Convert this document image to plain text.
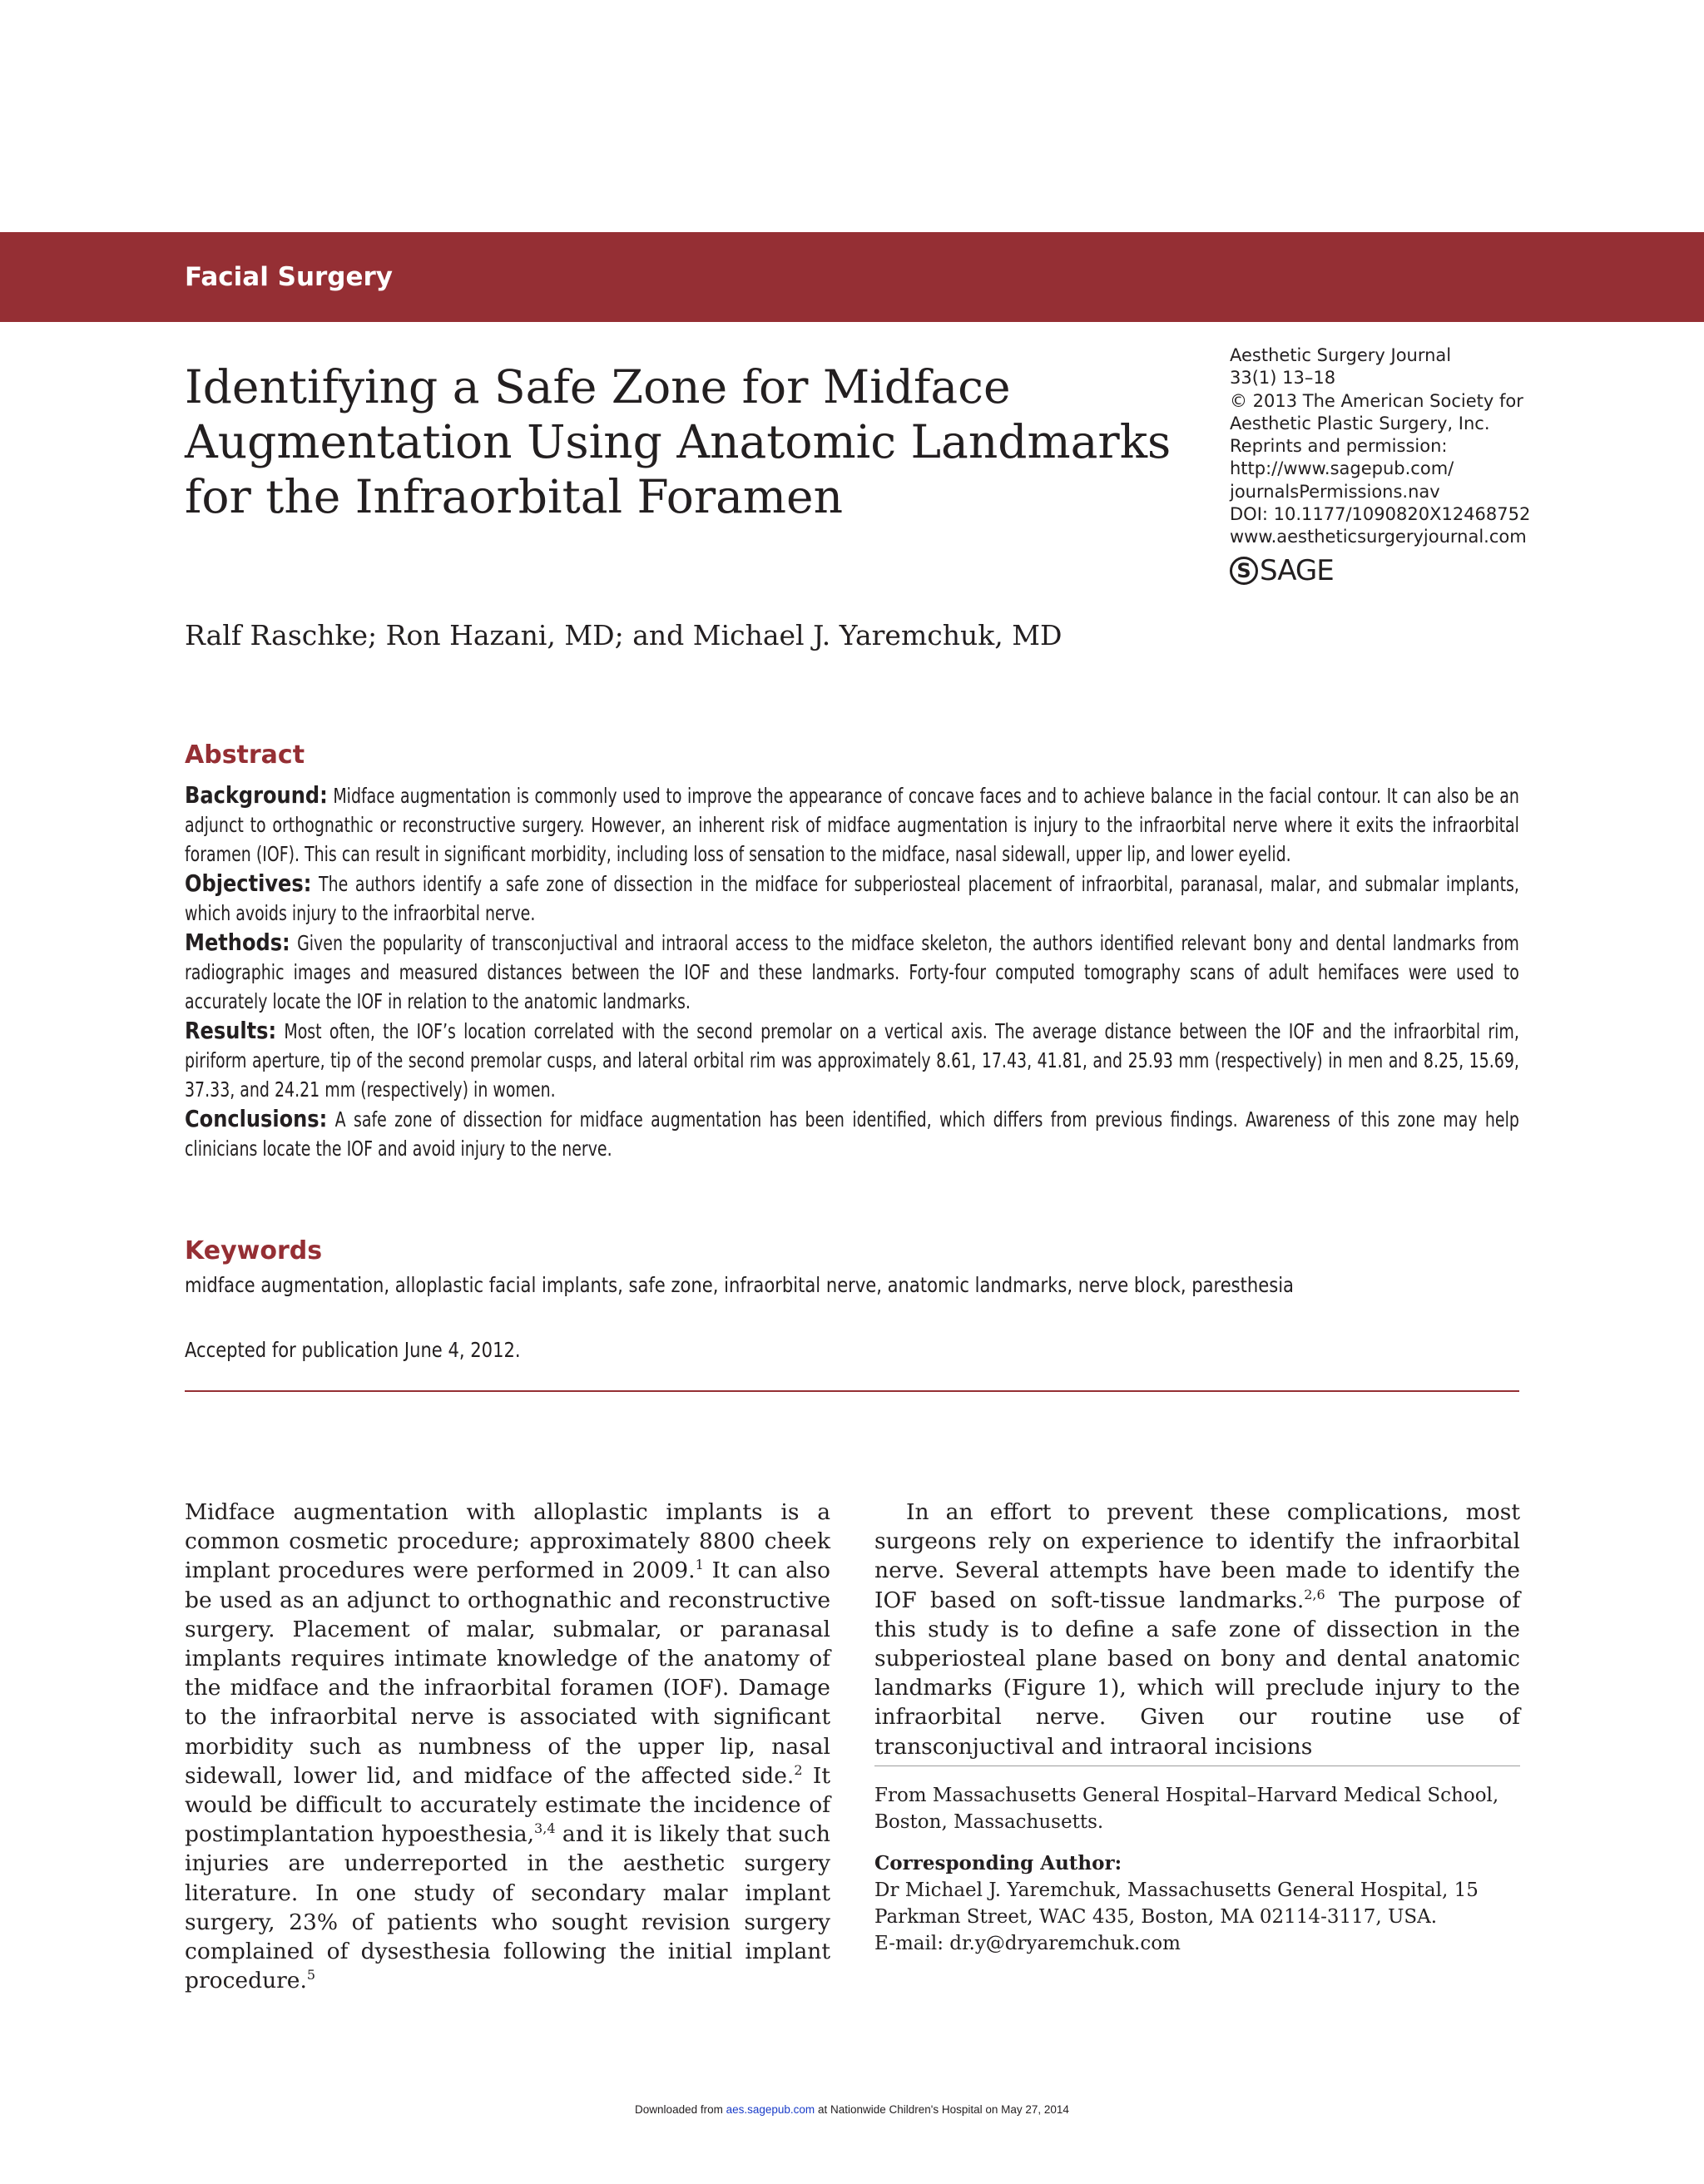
Facial Surgery
Identifying a Safe Zone for Midface Augmentation Using Anatomic Landmarks for the Infraorbital Foramen
Aesthetic Surgery Journal
33(1) 13–18
© 2013 The American Society for
Aesthetic Plastic Surgery, Inc.
Reprints and permission:
http://www.sagepub.com/
journalsPermissions.nav
DOI: 10.1177/1090820X12468752
www.aestheticsurgeryjournal.com
S SAGE
Ralf Raschke; Ron Hazani, MD; and Michael J. Yaremchuk, MD
Abstract

Background: Midface augmentation is commonly used to improve the appearance of concave faces and to achieve balance in the facial contour. It can also be an adjunct to orthognathic or reconstructive surgery. However, an inherent risk of midface augmentation is injury to the infraorbital nerve where it exits the infraorbital foramen (IOF). This can result in significant morbidity, including loss of sensation to the midface, nasal sidewall, upper lip, and lower eyelid.

Objectives: The authors identify a safe zone of dissection in the midface for subperiosteal placement of infraorbital, paranasal, malar, and submalar implants, which avoids injury to the infraorbital nerve.

Methods: Given the popularity of transconjuctival and intraoral access to the midface skeleton, the authors identified relevant bony and dental landmarks from radiographic images and measured distances between the IOF and these landmarks. Forty-four computed tomography scans of adult hemifaces were used to accurately locate the IOF in relation to the anatomic landmarks.

Results: Most often, the IOF’s location correlated with the second premolar on a vertical axis. The average distance between the IOF and the infraorbital rim, piriform aperture, tip of the second premolar cusps, and lateral orbital rim was approximately 8.61, 17.43, 41.81, and 25.93 mm (respectively) in men and 8.25, 15.69, 37.33, and 24.21 mm (respectively) in women.

Conclusions: A safe zone of dissection for midface augmentation has been identified, which differs from previous findings. Awareness of this zone may help clinicians locate the IOF and avoid injury to the nerve.

Keywords
midface augmentation, alloplastic facial implants, safe zone, infraorbital nerve, anatomic landmarks, nerve block, paresthesia
Accepted for publication June 4, 2012.

Midface augmentation with alloplastic implants is a common cosmetic procedure; approximately 8800 cheek implant procedures were performed in 2009.$^1$ It can also be used as an adjunct to orthognathic and reconstructive surgery. Placement of malar, submalar, or paranasal implants requires intimate knowledge of the anatomy of the midface and the infraorbital foramen (IOF). Damage to the infraorbital nerve is associated with significant morbidity such as numbness of the upper lip, nasal sidewall, lower lid, and midface of the affected side.$^2$ It would be difficult to accurately estimate the incidence of postimplantation hypoesthesia,$^{3,4}$ and it is likely that such injuries are underreported in the aesthetic surgery literature. In one study of secondary malar implant surgery, 23% of patients who sought revision surgery complained of dysesthesia following the initial implant procedure.$^5$

In an effort to prevent these complications, most surgeons rely on experience to identify the infraorbital nerve. Several attempts have been made to identify the IOF based on soft-tissue landmarks.$^{2,6}$ The purpose of this study is to define a safe zone of dissection in the subperiosteal plane based on bony and dental anatomic landmarks (Figure 1), which will preclude injury to the infraorbital nerve. Given our routine use of transconjuctival and intraoral incisions

From Massachusetts General Hospital–Harvard Medical School, Boston, Massachusetts.

Corresponding Author:

Dr Michael J. Yaremchuk, Massachusetts General Hospital, 15 Parkman Street, WAC 435, Boston, MA 02114-3117, USA.

E-mail: dr.y@dryaremchuk.com

Downloaded from aes.sagepub.com at Nationwide Children's Hospital on May 27, 2014
